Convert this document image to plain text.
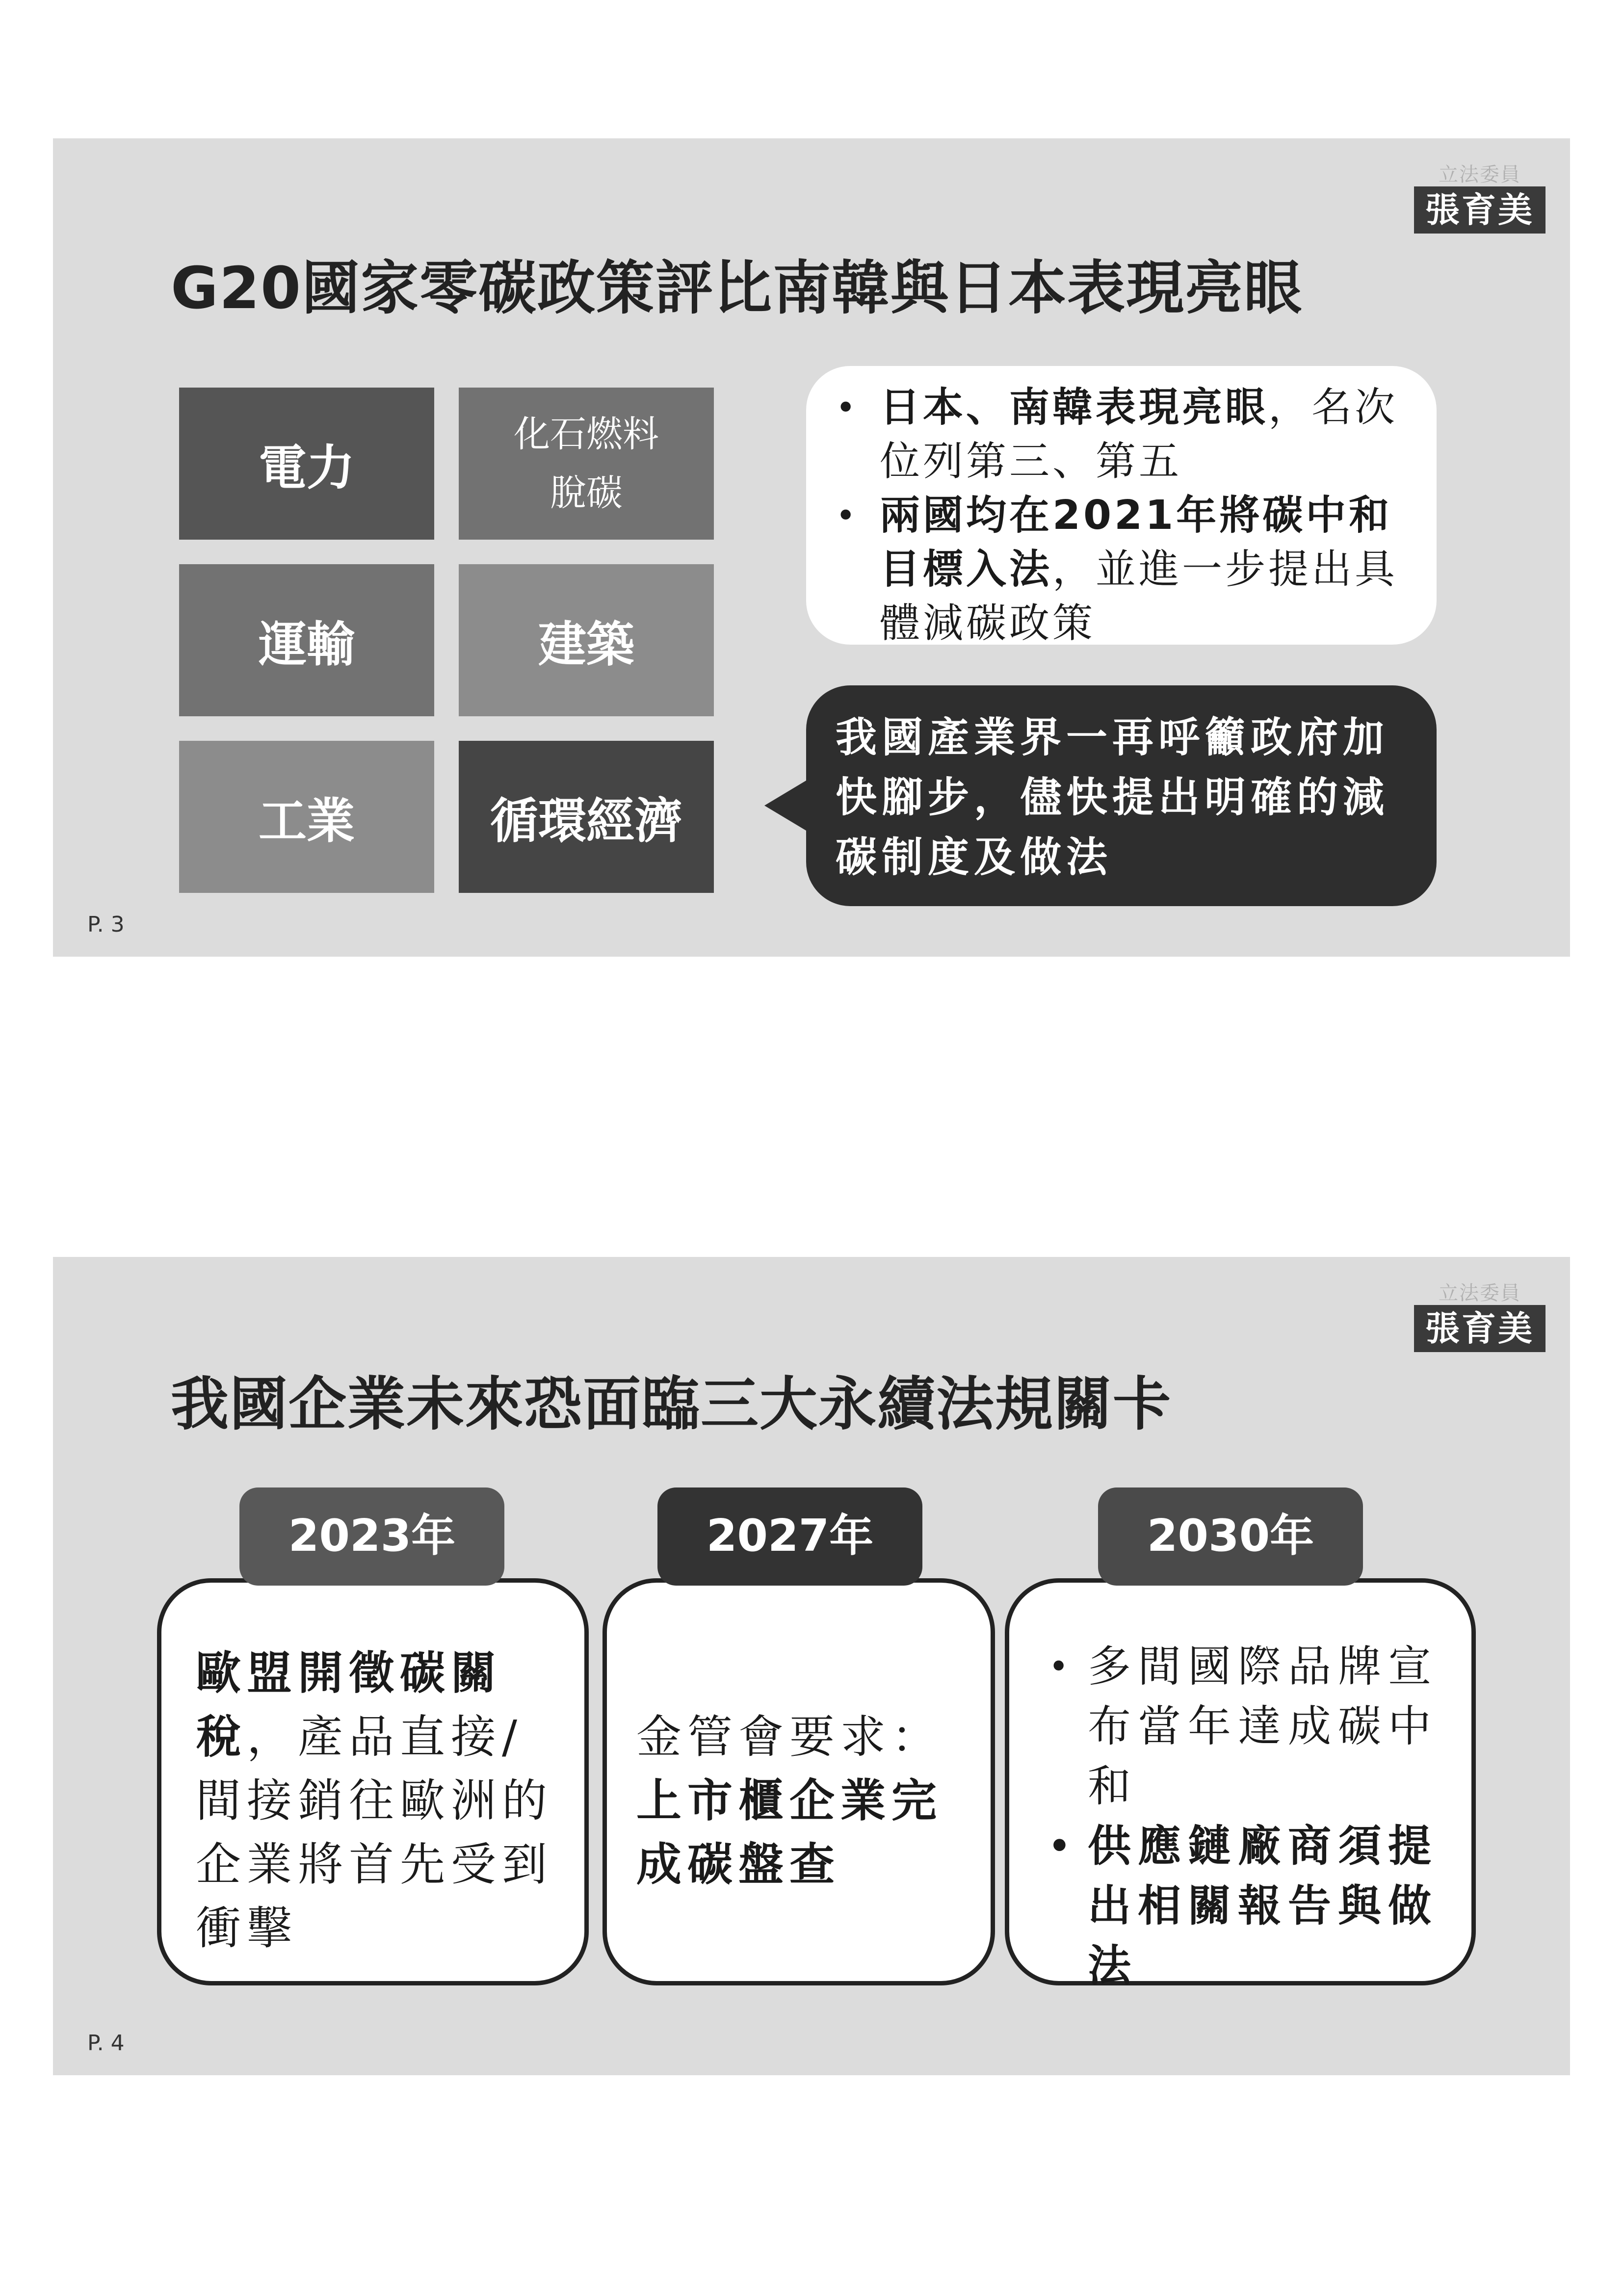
立法委員
張育美
G20國家零碳政策評比南韓與日本表現亮眼
電力
化石燃料
脫碳
運輸	建築
工業	循環經濟
• 日本、南韓表現亮眼，名次位列第三、第五
• 兩國均在2021年將碳中和目標入法，並進一步提出具體減碳政策
我國產業界一再呼籲政府加快腳步，儘快提出明確的減碳制度及做法
P. 3
立法委員
張育美
我國企業未來恐面臨三大永續法規關卡
歐盟開徵碳關稅，產品直接/間接銷往歐洲的企業將首先受到衝擊
2023年
金管會要求：
上市櫃企業完成碳盤查
2027年
• 多間國際品牌宣布當年達成碳中和
• 供應鏈廠商須提出相關報告與做法
2030年
P. 4
